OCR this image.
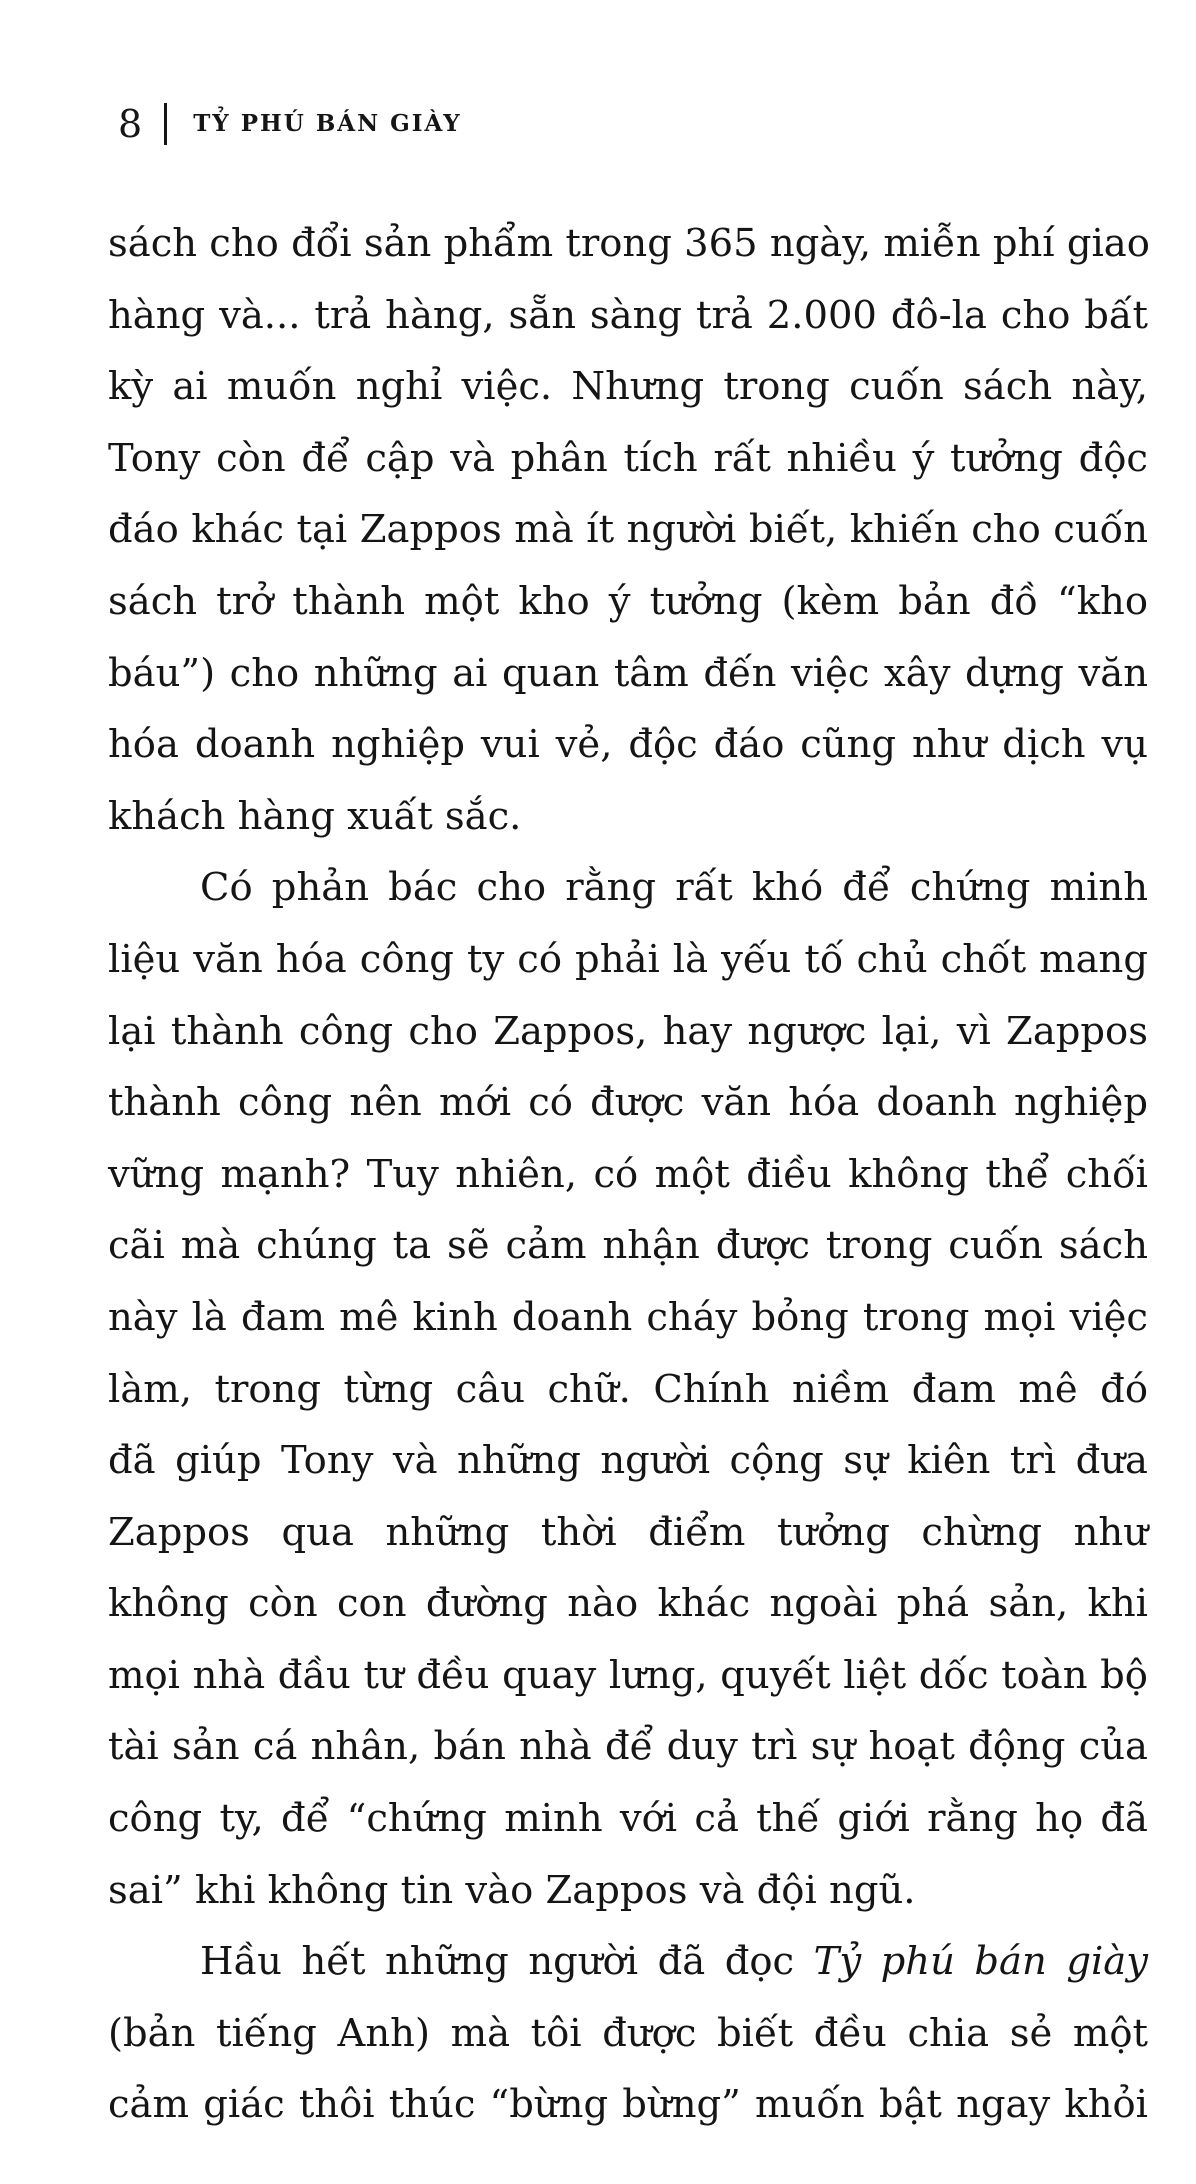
8 TỶ PHÚ BÁN GIÀY

sách cho đổi sản phẩm trong 365 ngày, miễn phí giao
hàng và... trả hàng, sẵn sàng trả 2.000 đô-la cho bất
kỳ ai muốn nghỉ việc. Nhưng trong cuốn sách này,
Tony còn để cập và phân tích rất nhiều ý tưởng độc
đáo khác tại Zappos mà ít người biết, khiến cho cuốn
sách trở thành một kho ý tưởng (kèm bản đồ “kho
báu”) cho những ai quan tâm đến việc xây dựng văn
hóa doanh nghiệp vui vẻ, độc đáo cũng như dịch vụ
khách hàng xuất sắc.

Có phản bác cho rằng rất khó để chứng minh
liệu văn hóa công ty có phải là yếu tố chủ chốt mang
lại thành công cho Zappos, hay ngược lại, vì Zappos
thành công nên mới có được văn hóa doanh nghiệp
vững mạnh? Tuy nhiên, có một điều không thể chối
cãi mà chúng ta sẽ cảm nhận được trong cuốn sách
này là đam mê kinh doanh cháy bỏng trong mọi việc
làm, trong từng câu chữ. Chính niềm đam mê đó
đã giúp Tony và những người cộng sự kiên trì đưa
Zappos qua những thời điểm tưởng chừng như
không còn con đường nào khác ngoài phá sản, khi
mọi nhà đầu tư đều quay lưng, quyết liệt dốc toàn bộ
tài sản cá nhân, bán nhà để duy trì sự hoạt động của
công ty, để “chứng minh với cả thế giới rằng họ đã
sai” khi không tin vào Zappos và đội ngũ.

Hầu hết những người đã đọc Tỷ phú bán giày
(bản tiếng Anh) mà tôi được biết đều chia sẻ một
cảm giác thôi thúc “bừng bừng” muốn bật ngay khỏi
